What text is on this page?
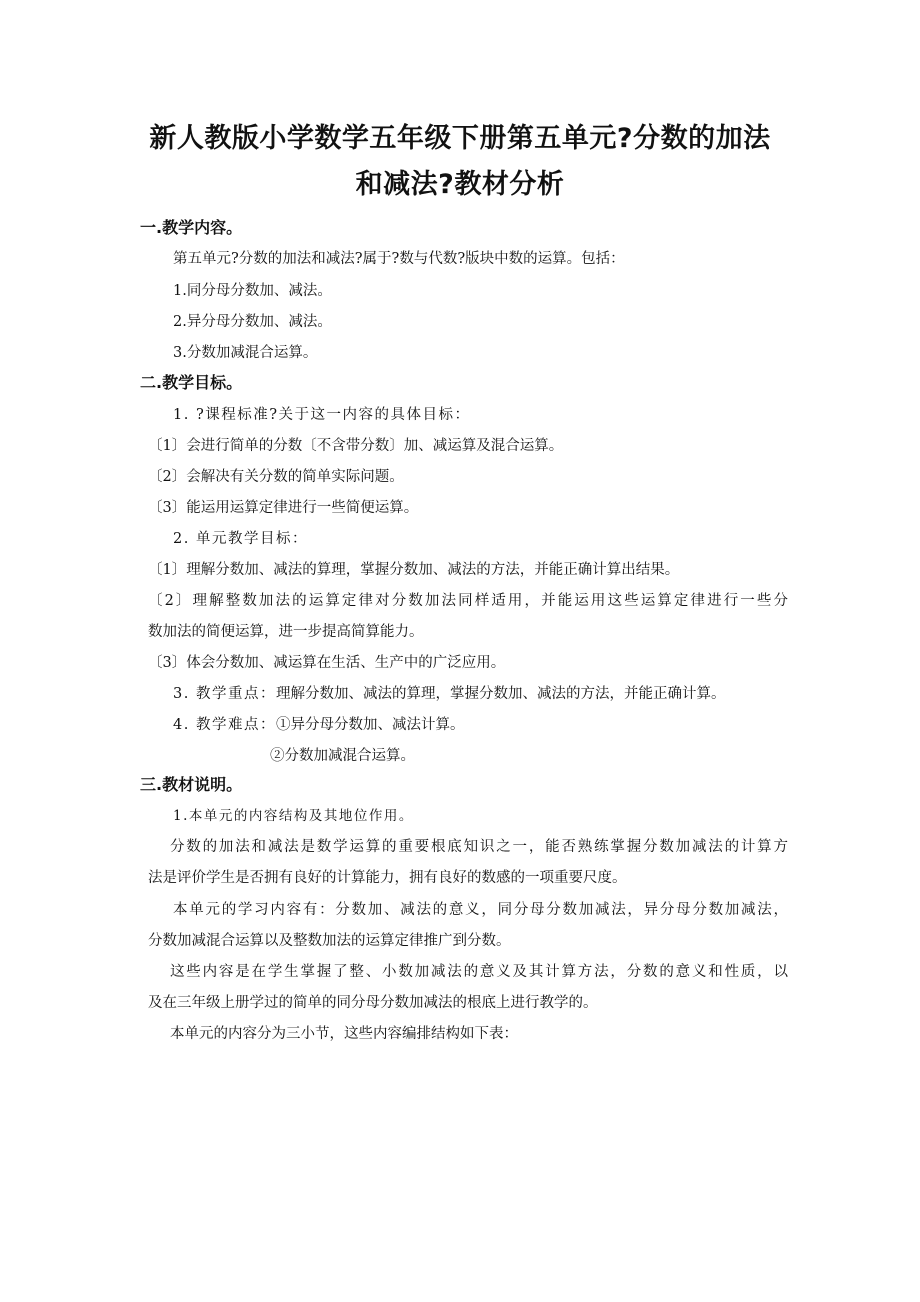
新人教版小学数学五年级下册第五单元?分数的加法
和减法?教材分析
一.教学内容。

第五单元?分数的加法和减法?属于?数与代数?版块中数的运算。包括：

1.同分母分数加、减法。

2.异分母分数加、减法。

3.分数加减混合运算。

二.教学目标。

1. ?课程标准?关于这一内容的具体目标：

〔1〕会进行简单的分数〔不含带分数〕加、减运算及混合运算。

〔2〕会解决有关分数的简单实际问题。

〔3〕能运用运算定律进行一些简便运算。

2. 单元教学目标：

〔1〕理解分数加、减法的算理，掌握分数加、减法的方法，并能正确计算出结果。

〔2〕理解整数加法的运算定律对分数加法同样适用，并能运用这些运算定律进行一些分

数加法的简便运算，进一步提高简算能力。

〔3〕体会分数加、减运算在生活、生产中的广泛应用。

3. 教学重点：理解分数加、减法的算理，掌握分数加、减法的方法，并能正确计算。

4. 教学难点：①异分母分数加、减法计算。

②分数加减混合运算。

三.教材说明。

1.本单元的内容结构及其地位作用。

分数的加法和减法是数学运算的重要根底知识之一，能否熟练掌握分数加减法的计算方

法是评价学生是否拥有良好的计算能力，拥有良好的数感的一项重要尺度。

本单元的学习内容有：分数加、减法的意义，同分母分数加减法，异分母分数加减法，

分数加减混合运算以及整数加法的运算定律推广到分数。

这些内容是在学生掌握了整、小数加减法的意义及其计算方法，分数的意义和性质，以

及在三年级上册学过的简单的同分母分数加减法的根底上进行教学的。

本单元的内容分为三小节，这些内容编排结构如下表：
